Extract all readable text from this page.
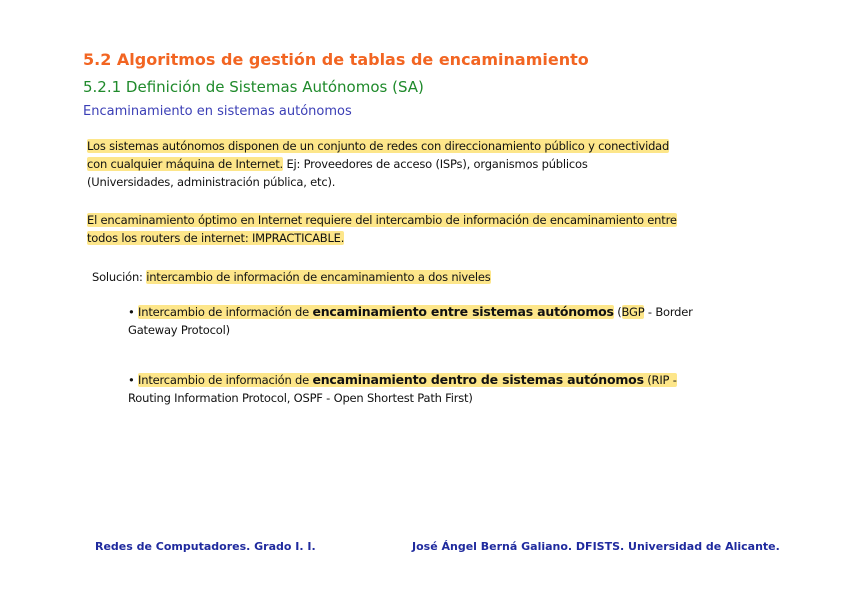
5.2 Algoritmos de gestión de tablas de encaminamiento
5.2.1 Definición de Sistemas Autónomos (SA)
Encaminamiento en sistemas autónomos
Los sistemas autónomos disponen de un conjunto de redes con direccionamiento público y conectividad
con cualquier máquina de Internet. Ej: Proveedores de acceso (ISPs), organismos públicos
(Universidades, administración pública, etc).
El encaminamiento óptimo en Internet requiere del intercambio de información de encaminamiento entre
todos los routers de internet: IMPRACTICABLE.
Solución: intercambio de información de encaminamiento a dos niveles
• Intercambio de información de encaminamiento entre sistemas autónomos (BGP - Border
Gateway Protocol)
• Intercambio de información de encaminamiento dentro de sistemas autónomos (RIP -
Routing Information Protocol, OSPF - Open Shortest Path First)
Redes de Computadores. Grado I. I.	José Ángel Berná Galiano. DFISTS. Universidad de Alicante.
